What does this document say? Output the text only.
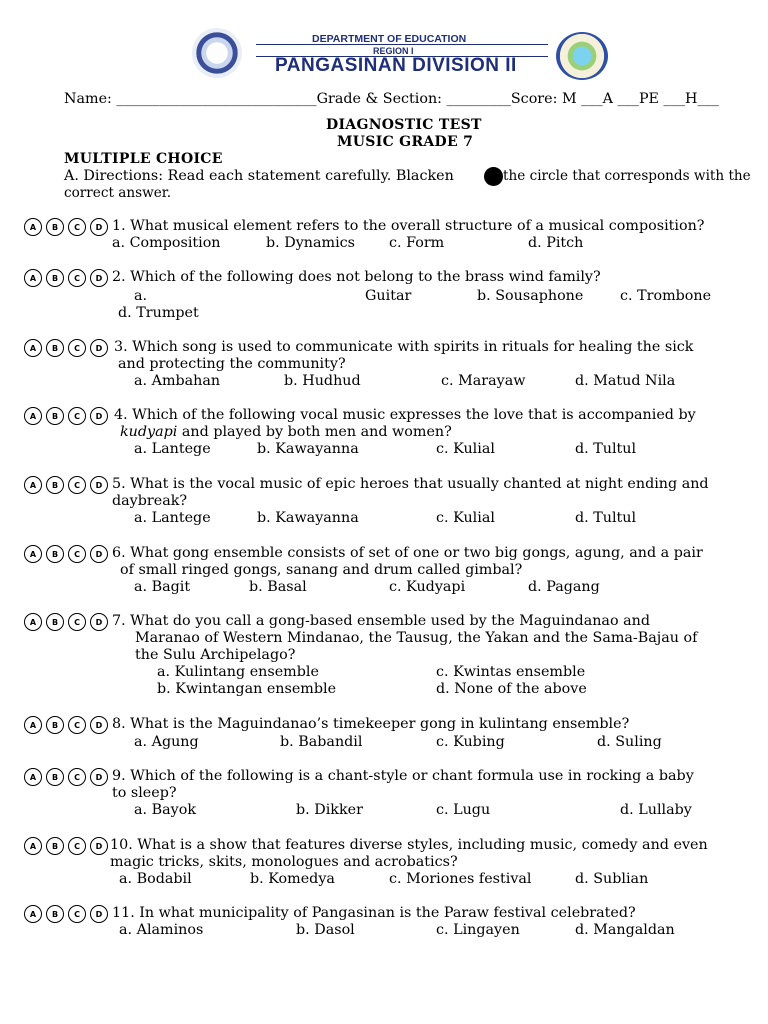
DEPARTMENT OF EDUCATION
REGION I
PANGASINAN DIVISION II
Name: ____________________________Grade & Section: _________Score: M ___A ___PE ___H___
DIAGNOSTIC TEST
MUSIC GRADE 7
MULTIPLE CHOICE
A. Directions: Read each statement carefully. Blacken	the circle that corresponds with the
correct answer.
A	B	C	D 1. What musical element refers to the overall structure of a musical composition?
a. Composition	b. Dynamics c. Form	d. Pitch
A	B	C	D 2. Which of the following does not belong to the brass wind family?
a.	Guitar	b. Sousaphone	c. Trombone
d. Trumpet
A	B	C	D 3. Which song is used to communicate with spirits in rituals for healing the sick
and protecting the community?
a. Ambahan	b. Hudhud	c. Marayaw	d. Matud Nila
A	B	C	D 4. Which of the following vocal music expresses the love that is accompanied by
kudyapi and played by both men and women?
a. Lantege	b. Kawayanna	c. Kulial	d. Tultul
A	B	C	D 5. What is the vocal music of epic heroes that usually chanted at night ending and
daybreak?
a. Lantege	b. Kawayanna	c. Kulial	d. Tultul
A	B	C	D 6. What gong ensemble consists of set of one or two big gongs, agung, and a pair
of small ringed gongs, sanang and drum called gimbal?
a. Bagit	b. Basal	c. Kudyapi	d. Pagang
A	B	C	D 7. What do you call a gong-based ensemble used by the Maguindanao and
Maranao of Western Mindanao, the Tausug, the Yakan and the Sama-Bajau of
the Sulu Archipelago?
a. Kulintang ensemble	c. Kwintas ensemble
b. Kwintangan ensemble	d. None of the above
A	B	C	D 8. What is the Maguindanao’s timekeeper gong in kulintang ensemble?
a. Agung	b. Babandil	c. Kubing	d. Suling
A	B	C	D 9. Which of the following is a chant-style or chant formula use in rocking a baby
to sleep?
a. Bayok	b. Dikker	c. Lugu	d. Lullaby
A	B	C	D 10. What is a show that features diverse styles, including music, comedy and even
magic tricks, skits, monologues and acrobatics?
a. Bodabil	b. Komedya	c. Moriones festival	d. Sublian
A	B	C	D 11. In what municipality of Pangasinan is the Paraw festival celebrated?
a. Alaminos	b. Dasol	c. Lingayen	d. Mangaldan
